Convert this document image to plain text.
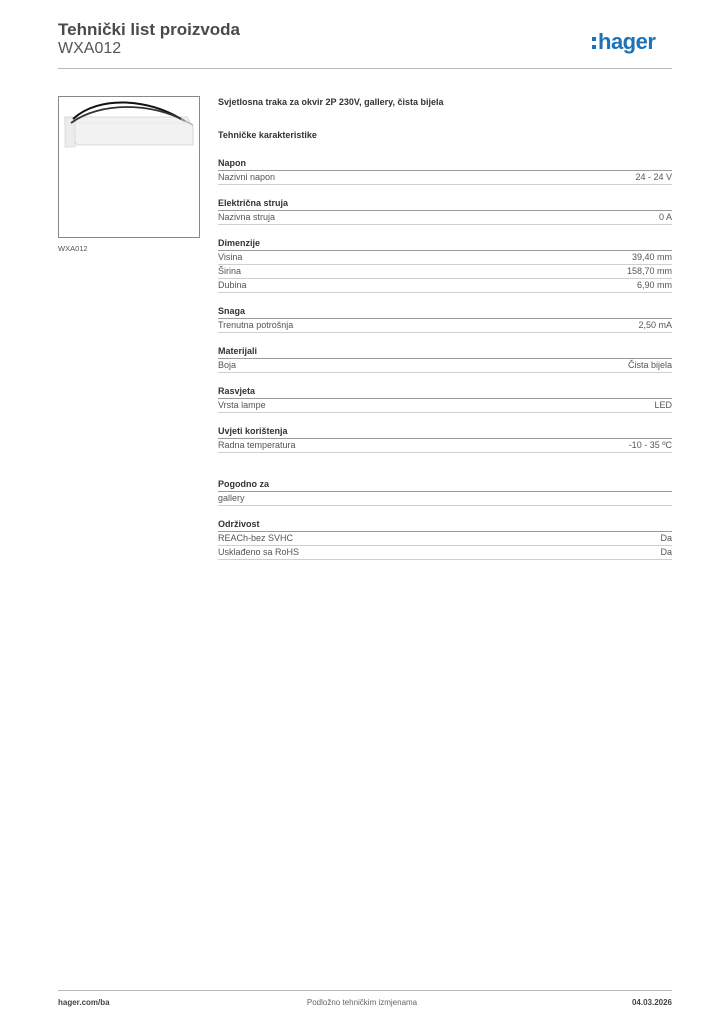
Tehnički list proizvoda
WXA012	hager
WXA012
Svjetlosna traka za okvir 2P 230V, gallery, čista bijela
Tehničke karakteristike
Napon
Nazivni napon	24 - 24 V
Električna struja
Nazivna struja	0 A
Dimenzije
Visina	39,40 mm
Širina	158,70 mm
Dubina	6,90 mm
Snaga
Trenutna potrošnja	2,50 mA
Materijali
Boja	Čista bijela
Rasvjeta
Vrsta lampe	LED
Uvjeti korištenja
Radna temperatura	-10 - 35 ºC
Pogodno za
gallery
Održivost
REACh-bez SVHC	Da
Usklađeno sa RoHS	Da
hager.com/ba	Podložno tehničkim izmjenama	04.03.2026
